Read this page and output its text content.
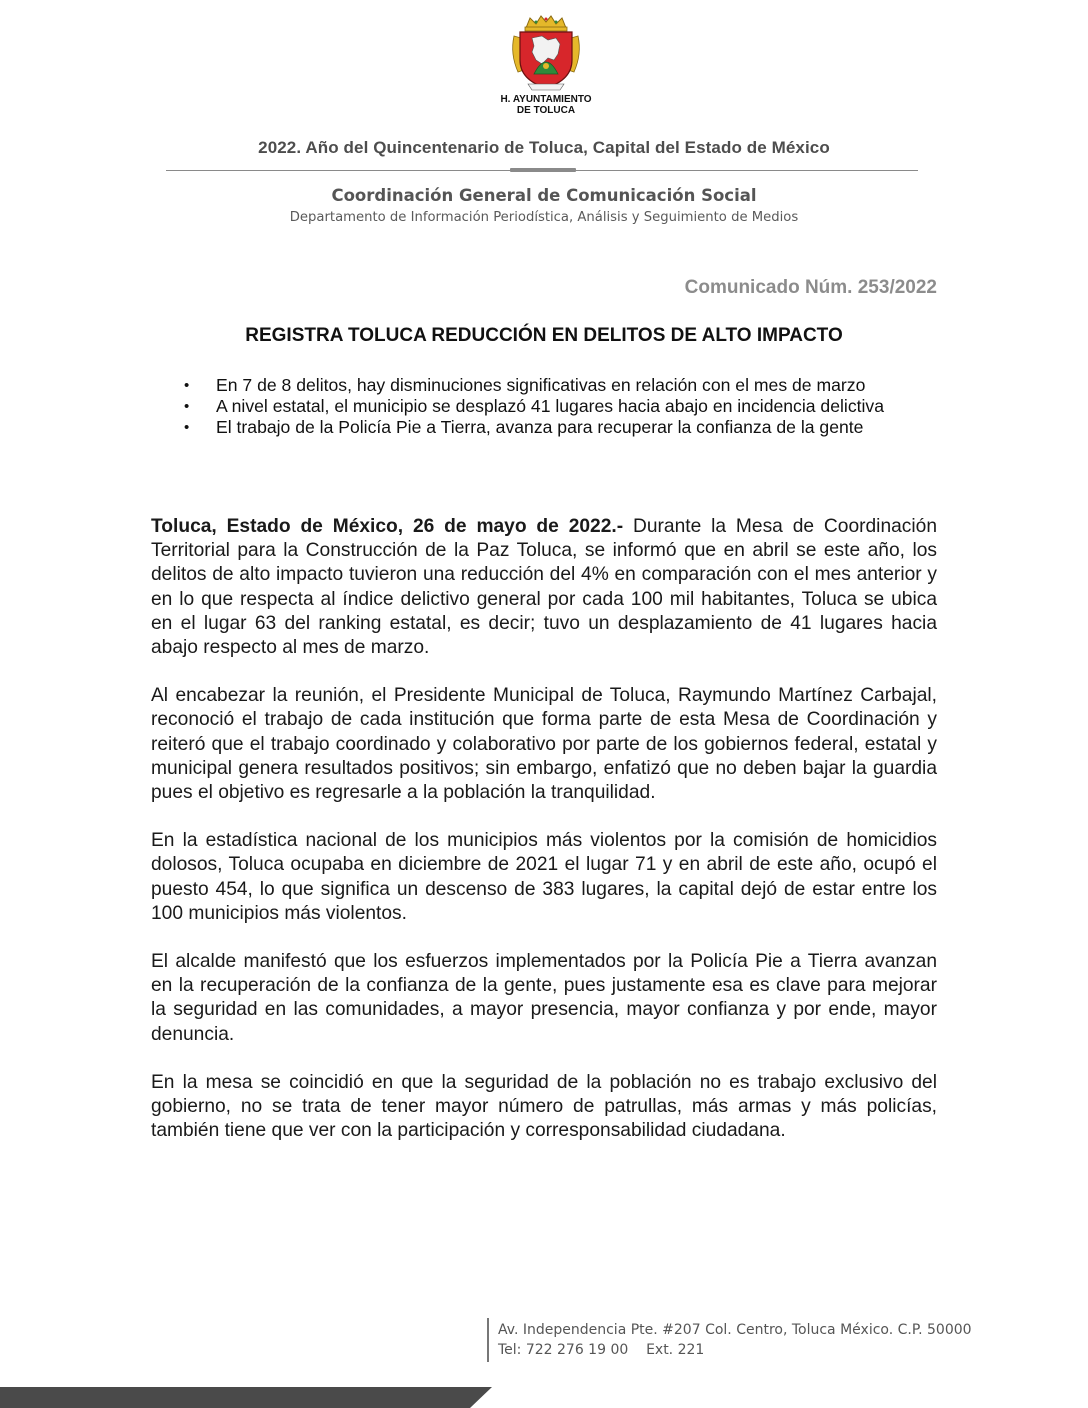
H. AYUNTAMIENTO
DE TOLUCA
2022. Año del Quincentenario de Toluca, Capital del Estado de México
Coordinación General de Comunicación Social
Departamento de Información Periodística, Análisis y Seguimiento de Medios
Comunicado Núm. 253/2022
REGISTRA TOLUCA REDUCCIÓN EN DELITOS DE ALTO IMPACTO
• En 7 de 8 delitos, hay disminuciones significativas en relación con el mes de marzo
• A nivel estatal, el municipio se desplazó 41 lugares hacia abajo en incidencia delictiva
• El trabajo de la Policía Pie a Tierra, avanza para recuperar la confianza de la gente

Toluca, Estado de México, 26 de mayo de 2022.- Durante la Mesa de Coordinación Territorial para la Construcción de la Paz Toluca, se informó que en abril se este año, los delitos de alto impacto tuvieron una reducción del 4% en comparación con el mes anterior y en lo que respecta al índice delictivo general por cada 100 mil habitantes, Toluca se ubica en el lugar 63 del ranking estatal, es decir; tuvo un desplazamiento de 41 lugares hacia abajo respecto al mes de marzo.

Al encabezar la reunión, el Presidente Municipal de Toluca, Raymundo Martínez Carbajal, reconoció el trabajo de cada institución que forma parte de esta Mesa de Coordinación y reiteró que el trabajo coordinado y colaborativo por parte de los gobiernos federal, estatal y municipal genera resultados positivos; sin embargo, enfatizó que no deben bajar la guardia pues el objetivo es regresarle a la población la tranquilidad.

En la estadística nacional de los municipios más violentos por la comisión de homicidios dolosos, Toluca ocupaba en diciembre de 2021 el lugar 71 y en abril de este año, ocupó el puesto 454, lo que significa un descenso de 383 lugares, la capital dejó de estar entre los 100 municipios más violentos.

El alcalde manifestó que los esfuerzos implementados por la Policía Pie a Tierra avanzan en la recuperación de la confianza de la gente, pues justamente esa es clave para mejorar la seguridad en las comunidades, a mayor presencia, mayor confianza y por ende, mayor denuncia.

En la mesa se coincidió en que la seguridad de la población no es trabajo exclusivo del gobierno, no se trata de tener mayor número de patrullas, más armas y más policías, también tiene que ver con la participación y corresponsabilidad ciudadana.

Av. Independencia Pte. #207 Col. Centro, Toluca México. C.P. 50000
Tel: 722 276 19 00    Ext. 221
